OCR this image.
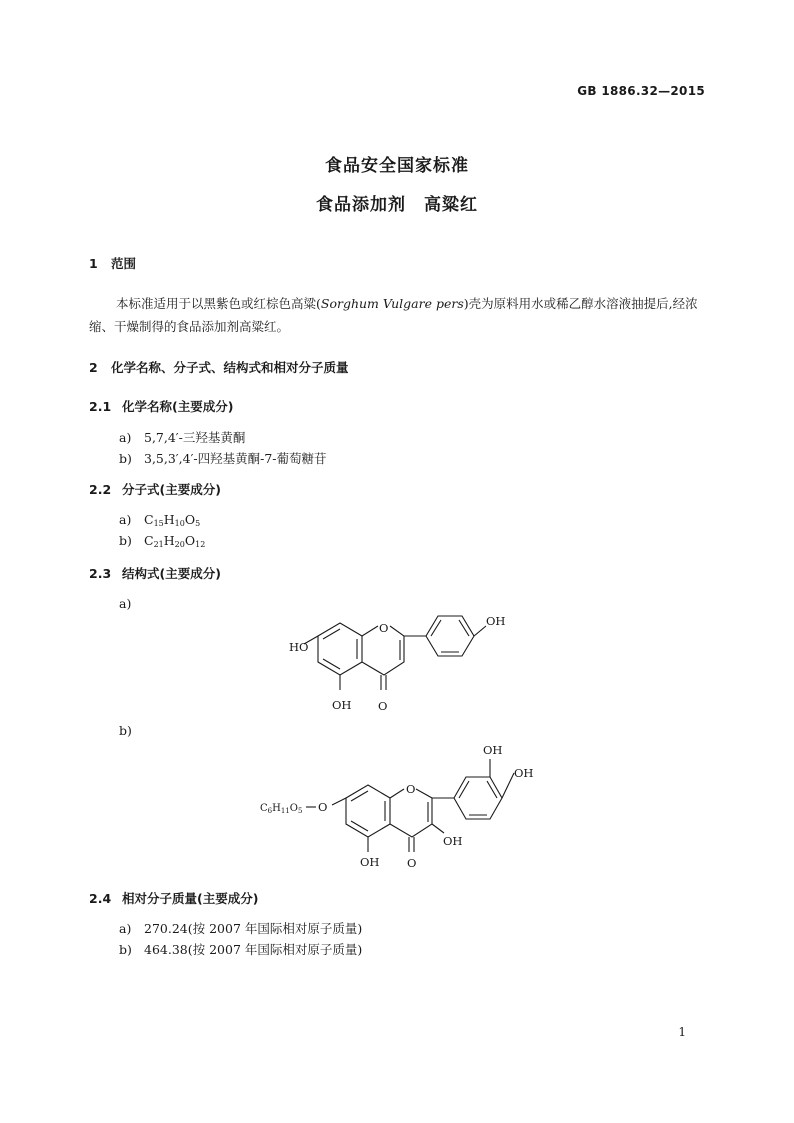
GB 1886.32—2015
食品安全国家标准
食品添加剂　高粱红
1 范围
本标准适用于以黑紫色或红棕色高粱(Sorghum Vulgare pers)壳为原料用水或稀乙醇水溶液抽提后,经浓缩、干燥制得的食品添加剂高粱红。
2 化学名称、分子式、结构式和相对分子质量
2.1 化学名称(主要成分)
a) 5,7,4′-三羟基黄酮
b) 3,5,3′,4′-四羟基黄酮-7-葡萄糖苷
2.2 分子式(主要成分)
a) $C_{15}H_{10}O_5$
b) $C_{21}H_{20}O_{12}$
2.3 结构式(主要成分)
a)
HO
O	OH
OH O
b)
OH
OH
O
OH
OH O
O
$C_6H_{11}O_5$
2.4 相对分子质量(主要成分)
a) 270.24(按 2007 年国际相对原子质量)
b) 464.38(按 2007 年国际相对原子质量)
1
